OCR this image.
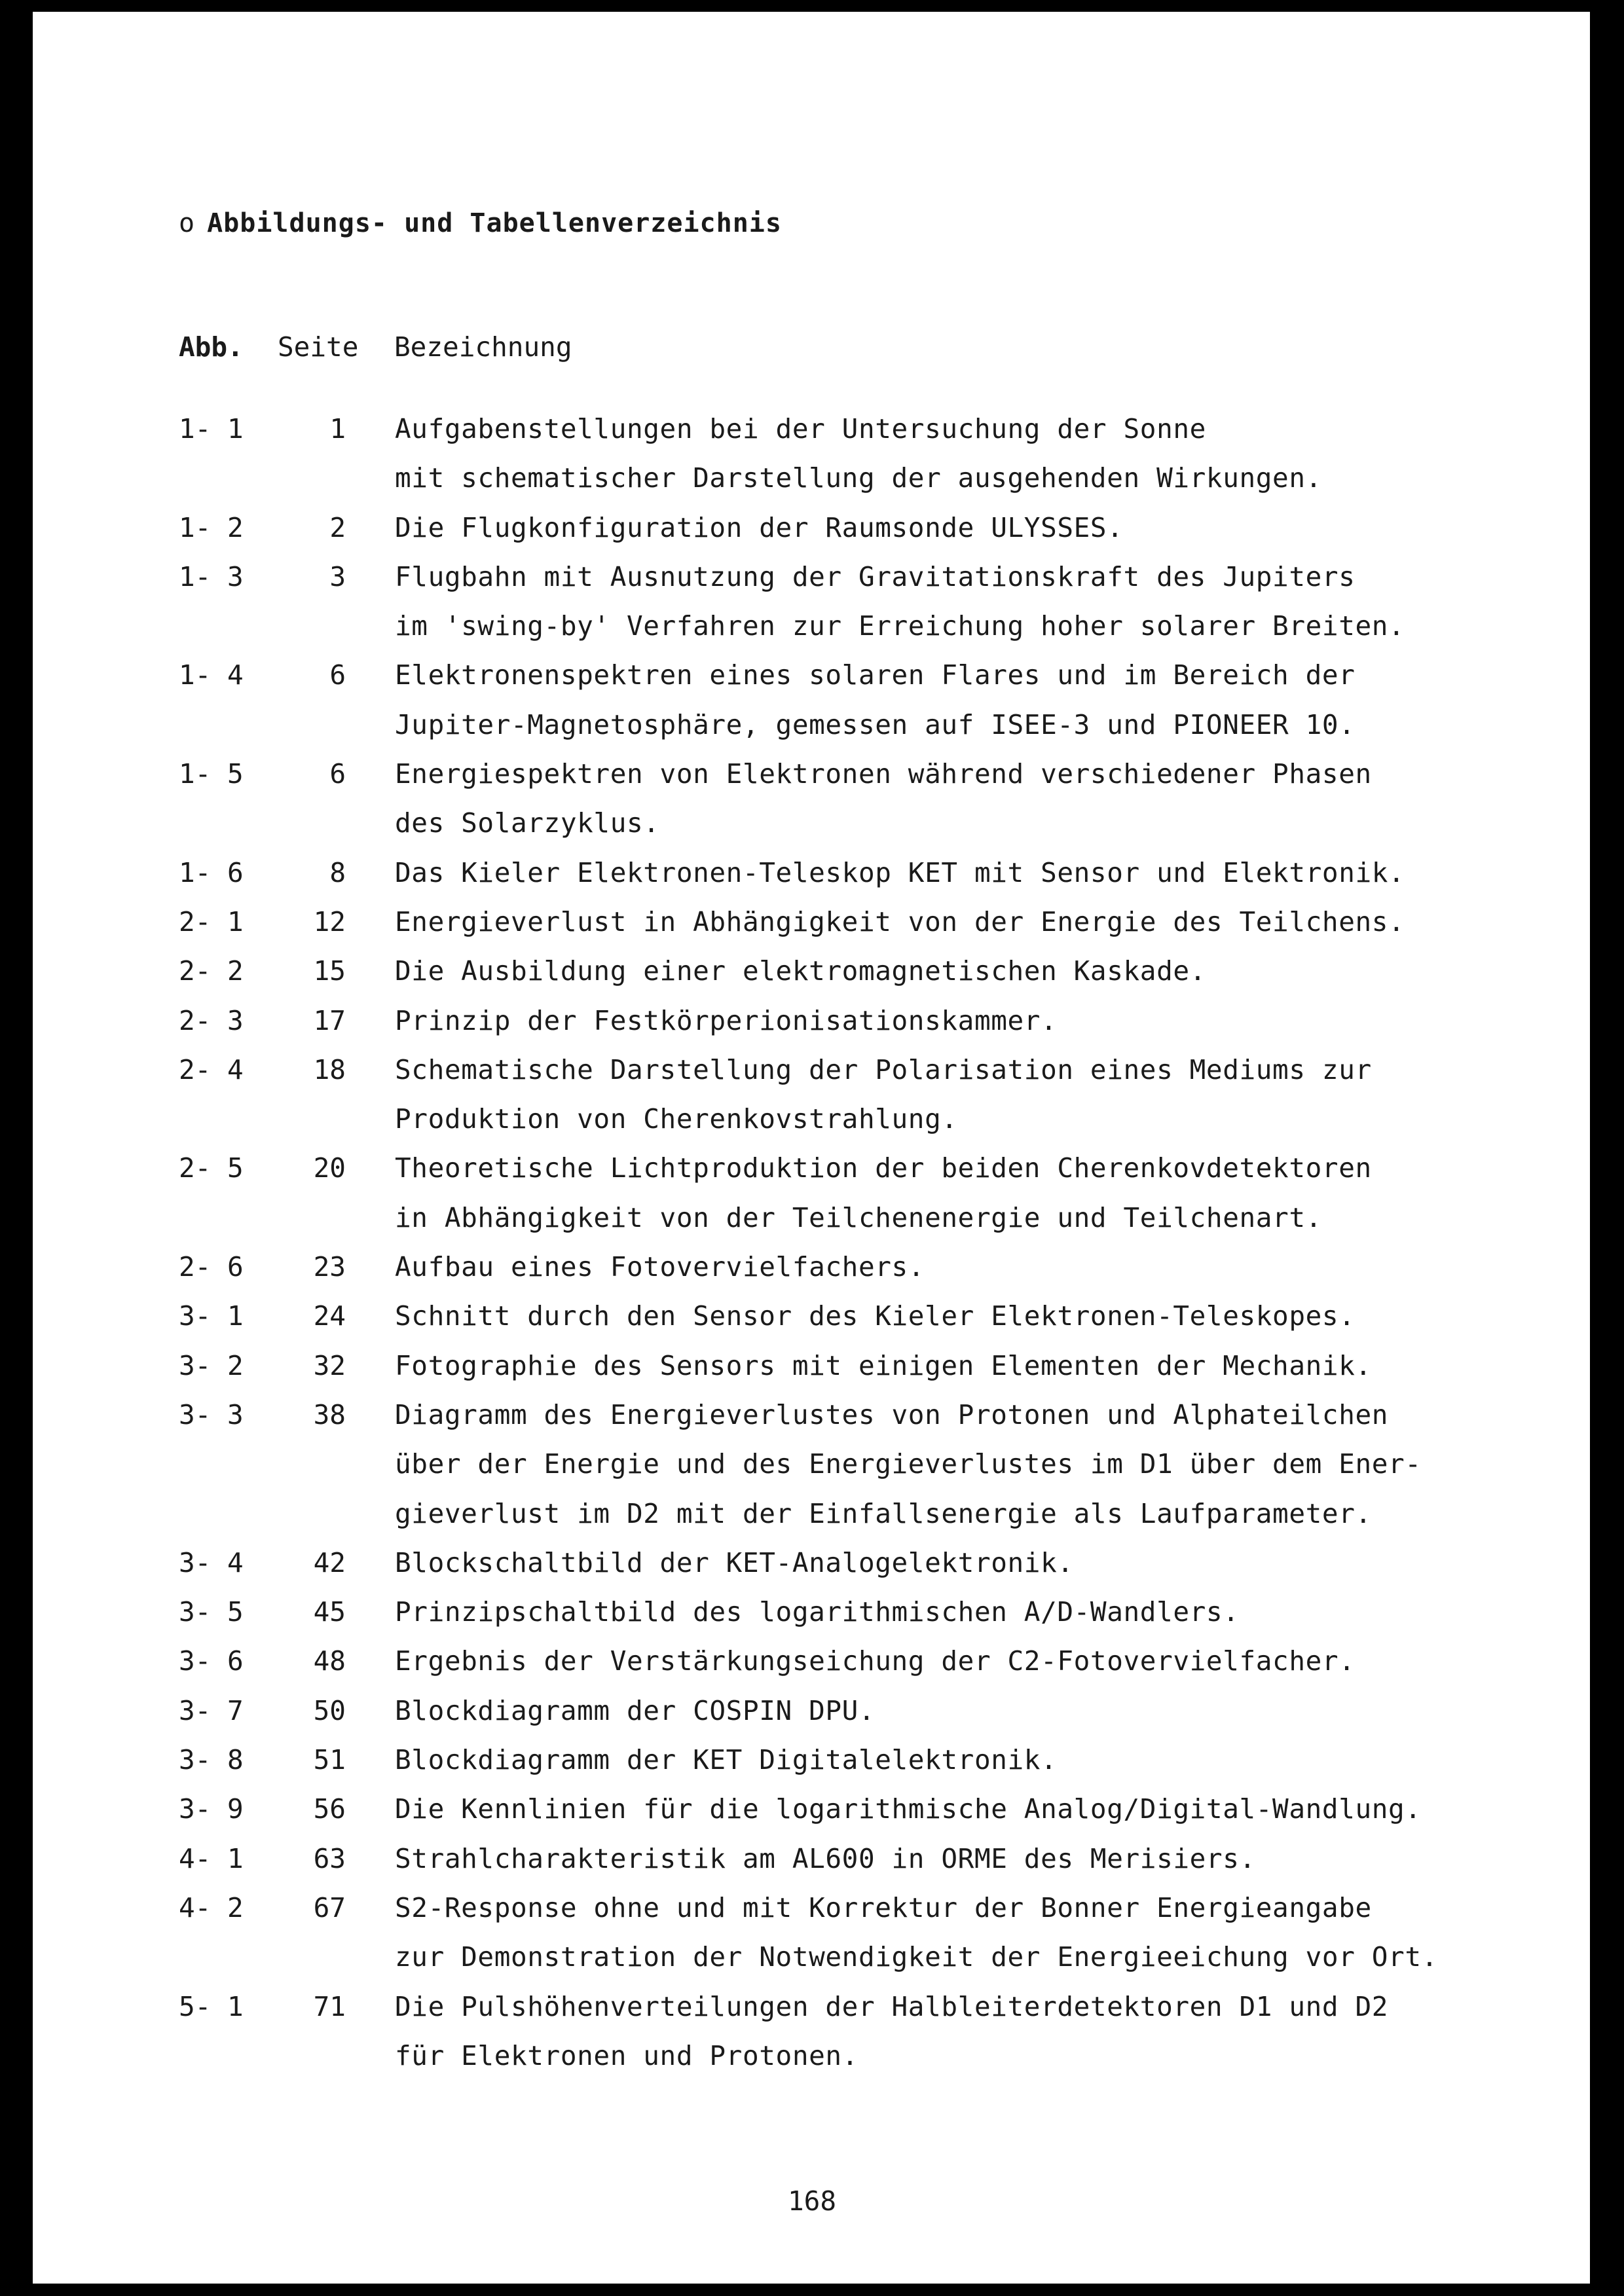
o Abbildungs- und Tabellenverzeichnis
Abb. Seite Bezeichnung
1- 1	1 Aufgabenstellungen bei der Untersuchung der Sonne
mit schematischer Darstellung der ausgehenden Wirkungen.
1- 2	2 Die Flugkonfiguration der Raumsonde ULYSSES.
1- 3	3 Flugbahn mit Ausnutzung der Gravitationskraft des Jupiters
im 'swing-by' Verfahren zur Erreichung hoher solarer Breiten.
1- 4	6 Elektronenspektren eines solaren Flares und im Bereich der
Jupiter-Magnetosphäre, gemessen auf ISEE-3 und PIONEER 10.
1- 5	6 Energiespektren von Elektronen während verschiedener Phasen
des Solarzyklus.
1- 6	8 Das Kieler Elektronen-Teleskop KET mit Sensor und Elektronik.
2- 1	12 Energieverlust in Abhängigkeit von der Energie des Teilchens.
2- 2	15 Die Ausbildung einer elektromagnetischen Kaskade.
2- 3	17 Prinzip der Festkörperionisationskammer.
2- 4	18 Schematische Darstellung der Polarisation eines Mediums zur
Produktion von Cherenkovstrahlung.
2- 5	20 Theoretische Lichtproduktion der beiden Cherenkovdetektoren
in Abhängigkeit von der Teilchenenergie und Teilchenart.
2- 6	23 Aufbau eines Fotovervielfachers.
3- 1	24 Schnitt durch den Sensor des Kieler Elektronen-Teleskopes.
3- 2	32 Fotographie des Sensors mit einigen Elementen der Mechanik.
3- 3	38 Diagramm des Energieverlustes von Protonen und Alphateilchen
über der Energie und des Energieverlustes im D1 über dem Ener-
gieverlust im D2 mit der Einfallsenergie als Laufparameter.
3- 4	42 Blockschaltbild der KET-Analogelektronik.
3- 5	45 Prinzipschaltbild des logarithmischen A/D-Wandlers.
3- 6	48 Ergebnis der Verstärkungseichung der C2-Fotovervielfacher.
3- 7	50 Blockdiagramm der COSPIN DPU.
3- 8	51 Blockdiagramm der KET Digitalelektronik.
3- 9	56 Die Kennlinien für die logarithmische Analog/Digital-Wandlung.
4- 1	63 Strahlcharakteristik am AL600 in ORME des Merisiers.
4- 2	67 S2-Response ohne und mit Korrektur der Bonner Energieangabe
zur Demonstration der Notwendigkeit der Energieeichung vor Ort.
5- 1	71 Die Pulshöhenverteilungen der Halbleiterdetektoren D1 und D2
für Elektronen und Protonen.
168
